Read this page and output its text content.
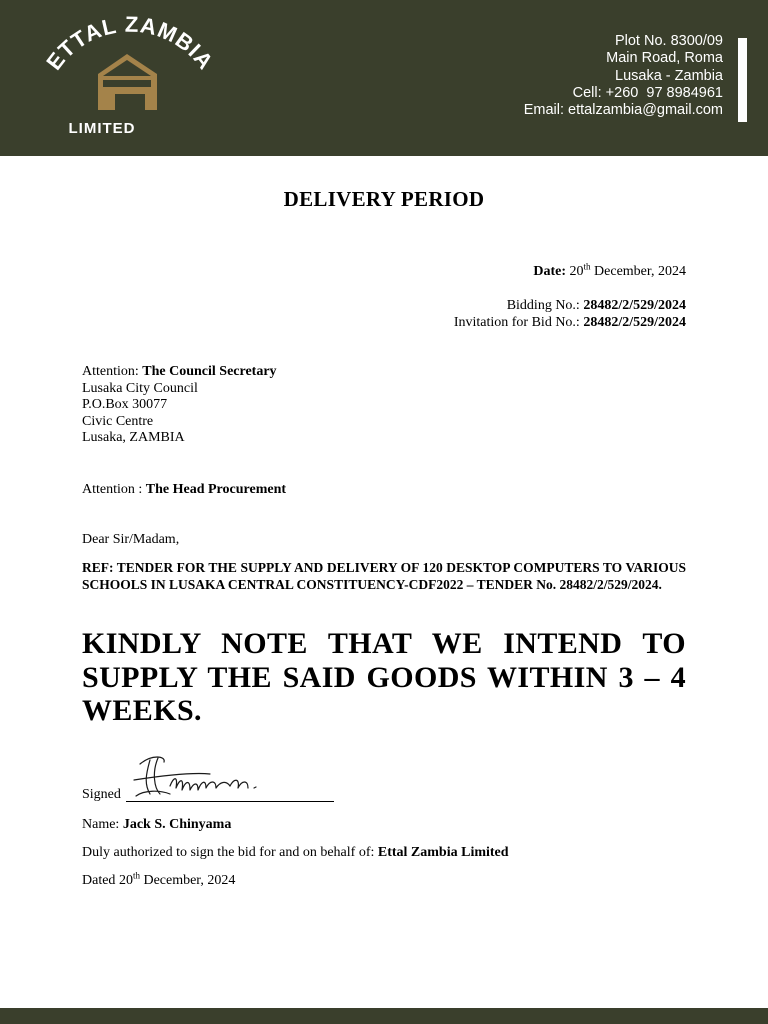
ETTAL ZAMBIA
LIMITED
Plot No. 8300/09
Main Road, Roma
Lusaka - Zambia
Cell: +260  97 8984961
Email: ettalzambia@gmail.com
DELIVERY PERIOD
Date: 20th December, 2024
Bidding No.: 28482/2/529/2024
Invitation for Bid No.: 28482/2/529/2024
Attention: The Council Secretary
Lusaka City Council
P.O.Box 30077
Civic Centre
Lusaka, ZAMBIA
Attention : The Head Procurement
Dear Sir/Madam,
REF: TENDER FOR THE SUPPLY AND DELIVERY OF 120 DESKTOP COMPUTERS TO VARIOUS SCHOOLS IN LUSAKA CENTRAL CONSTITUENCY-CDF2022 – TENDER No. 28482/2/529/2024.
KINDLY NOTE THAT WE INTEND TO SUPPLY THE SAID GOODS WITHIN 3 – 4 WEEKS.
Signed
Name: Jack S. Chinyama
Duly authorized to sign the bid for and on behalf of: Ettal Zambia Limited
Dated 20th December, 2024
